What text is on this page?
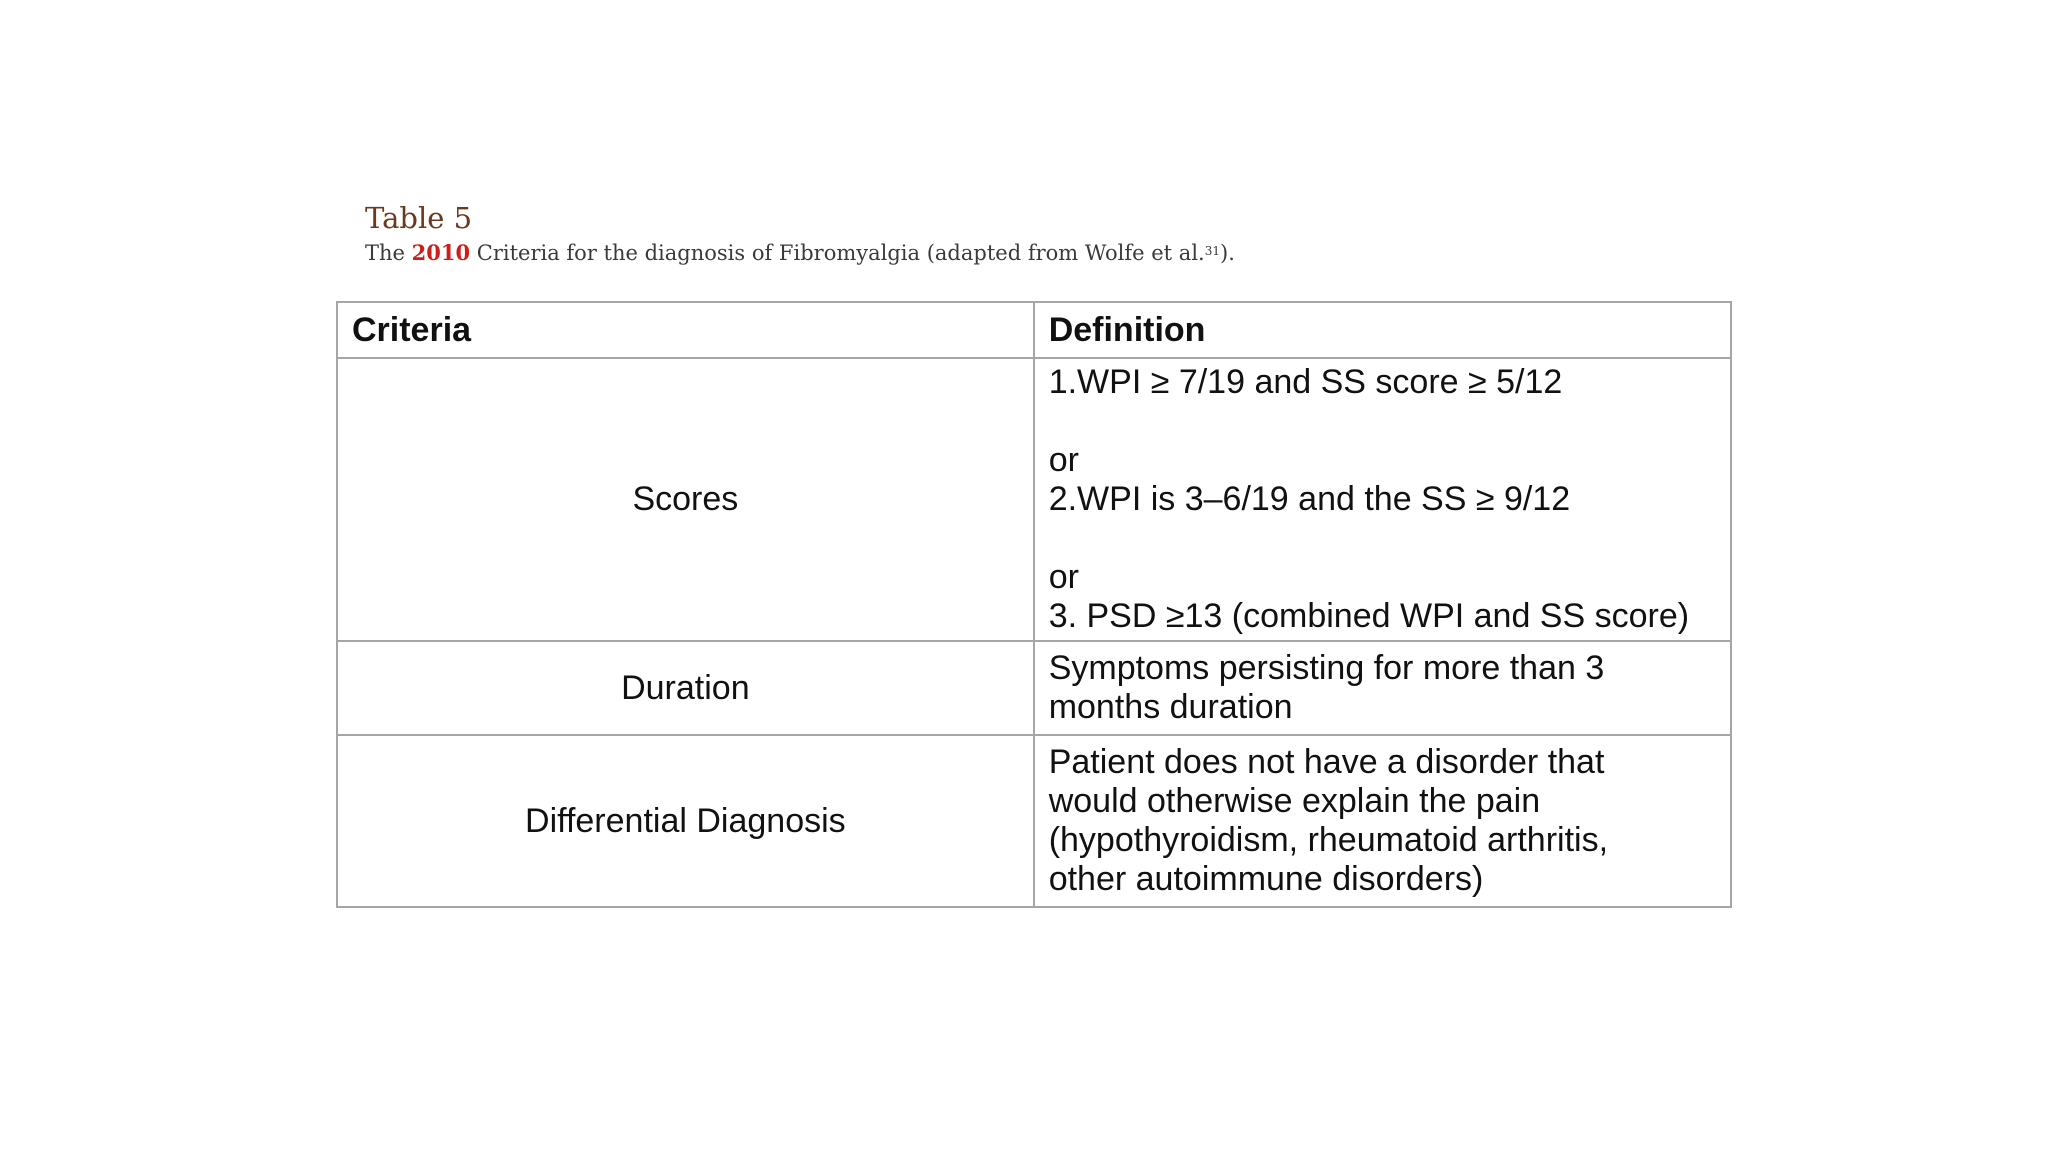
Table 5

The 2010 Criteria for the diagnosis of Fibromyalgia (adapted from Wolfe et al.$^{31}$).

Criteria	Definition
Scores	1.WPI ≥ 7/19 and SS score ≥ 5/12
or
2.WPI is 3–6/19 and the SS ≥ 9/12
or
3. PSD ≥13 (combined WPI and SS score)

Duration	Symptoms persisting for more than 3
months duration

Differential Diagnosis	Patient does not have a disorder that
would otherwise explain the pain
(hypothyroidism, rheumatoid arthritis,
other autoimmune disorders)
